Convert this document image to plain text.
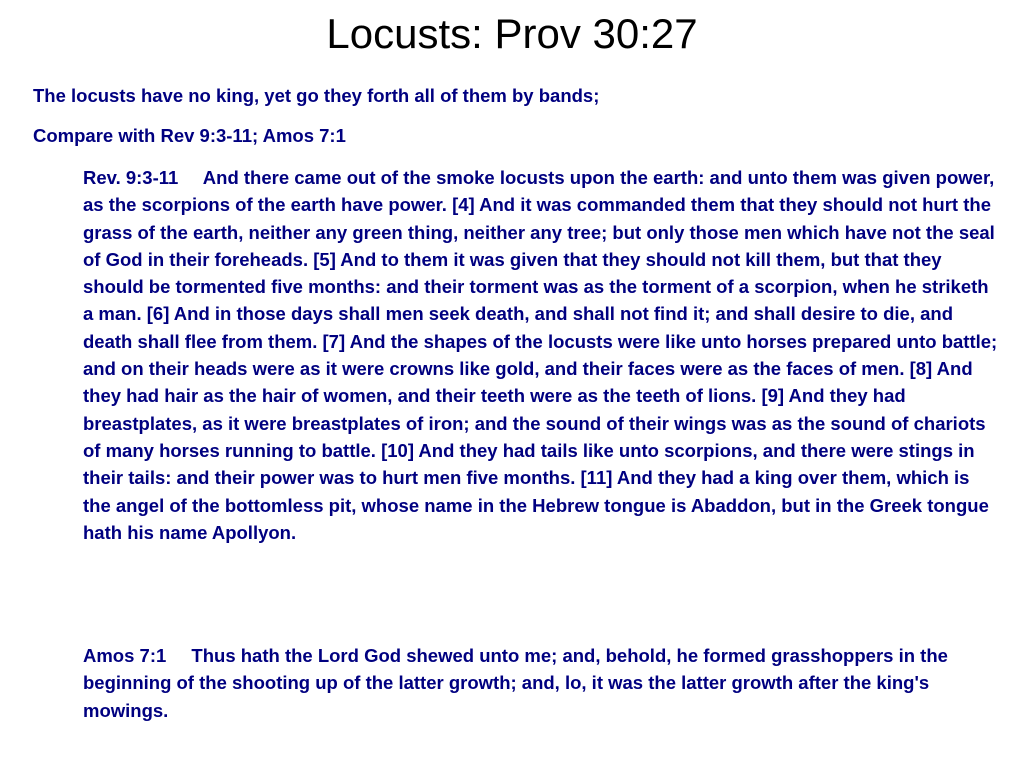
Locusts: Prov 30:27
The locusts have no king, yet go they forth all of them by bands;
Compare with Rev 9:3-11; Amos 7:1

Rev. 9:3-11 And there came out of the smoke locusts upon the earth: and unto them was given power, as the scorpions of the earth have power. [4] And it was commanded them that they should not hurt the grass of the earth, neither any green thing, neither any tree; but only those men which have not the seal of God in their foreheads. [5] And to them it was given that they should not kill them, but that they should be tormented five months: and their torment was as the torment of a scorpion, when he striketh a man. [6] And in those days shall men seek death, and shall not find it; and shall desire to die, and death shall flee from them. [7] And the shapes of the locusts were like unto horses prepared unto battle; and on their heads were as it were crowns like gold, and their faces were as the faces of men. [8] And they had hair as the hair of women, and their teeth were as the teeth of lions. [9] And they had breastplates, as it were breastplates of iron; and the sound of their wings was as the sound of chariots of many horses running to battle. [10] And they had tails like unto scorpions, and there were stings in their tails: and their power was to hurt men five months. [11] And they had a king over them, which is the angel of the bottomless pit, whose name in the Hebrew tongue is Abaddon, but in the Greek tongue hath his name Apollyon.

Amos 7:1 Thus hath the Lord God shewed unto me; and, behold, he formed grasshoppers in the beginning of the shooting up of the latter growth; and, lo, it was the latter growth after the king's mowings.
